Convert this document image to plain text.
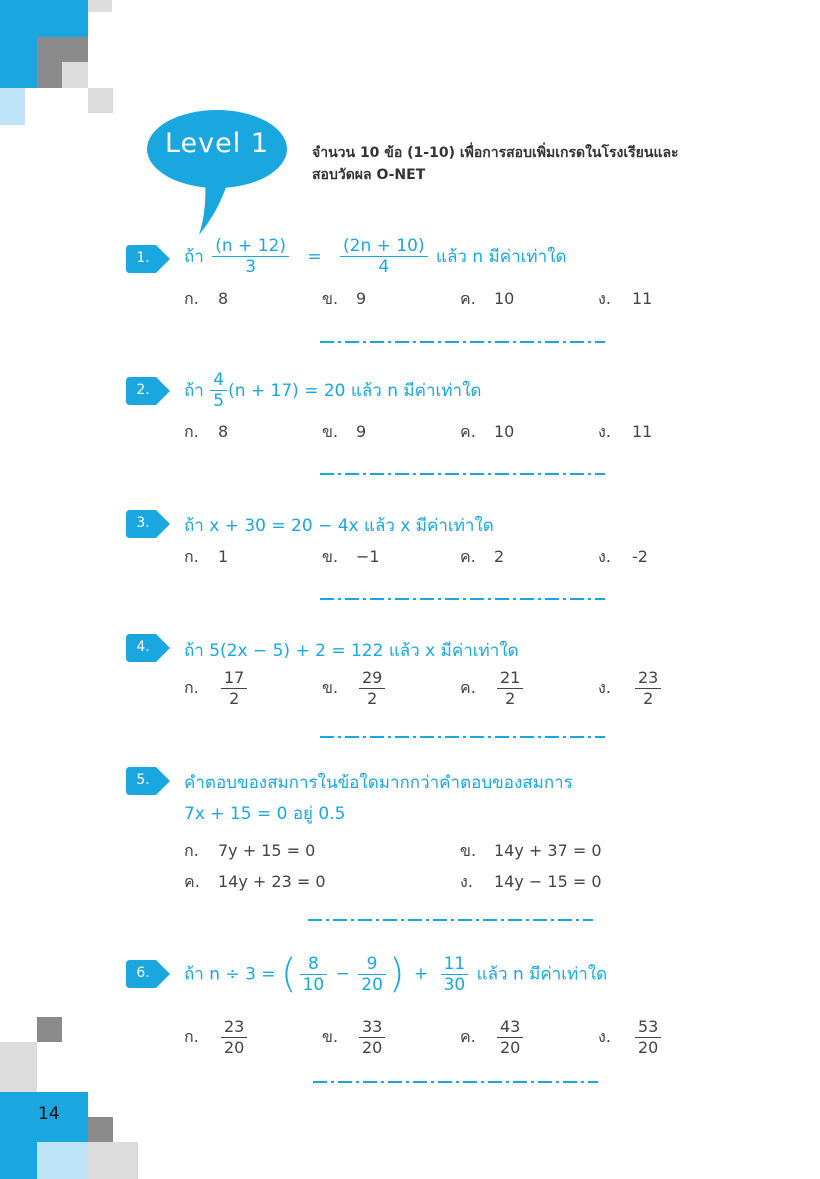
14
Level 1	จำนวน 10 ข้อ (1-10) เพื่อการสอบเพิ่มเกรดในโรงเรียนและ
สอบวัดผล O-NET
1.	ถ้า $\frac{(n + 12)}{3} = \frac{(2n + 10)}{4}$ แล้ว n มีค่าเท่าใด
ก. 8	ข. 9	ค. 10	ง. 11
2.	ถ้า $\frac{4}{5} (n + 17) = 20$ แล้ว n มีค่าเท่าใด
ก. 8	ข. 9	ค. 10	ง. 11
3.	ถ้า x + 30 = 20 − 4x แล้ว x มีค่าเท่าใด
ก. 1	ข. −1	ค. 2	ง. -2
4.	ถ้า 5(2x − 5) + 2 = 122 แล้ว x มีค่าเท่าใด
ก. $\frac{17}{2}$	ข. $\frac{29}{2}$	ค. $\frac{21}{2}$	ง. $\frac{23}{2}$
5.	คำตอบของสมการในข้อใดมากกว่าคำตอบของสมการ
7x + 15 = 0 อยู่ 0.5
ก. 7y + 15 = 0	ข. 14y + 37 = 0
ค. 14y + 23 = 0	ง. 14y − 15 = 0
6.	ถ้า n ÷ 3 = ( $\frac{8}{10} - \frac{9}{20}$ ) + $\frac{11}{30}$ แล้ว n มีค่าเท่าใด
ก. $\frac{23}{20}$	ข. $\frac{33}{20}$	ค. $\frac{43}{20}$	ง. $\frac{53}{20}$
